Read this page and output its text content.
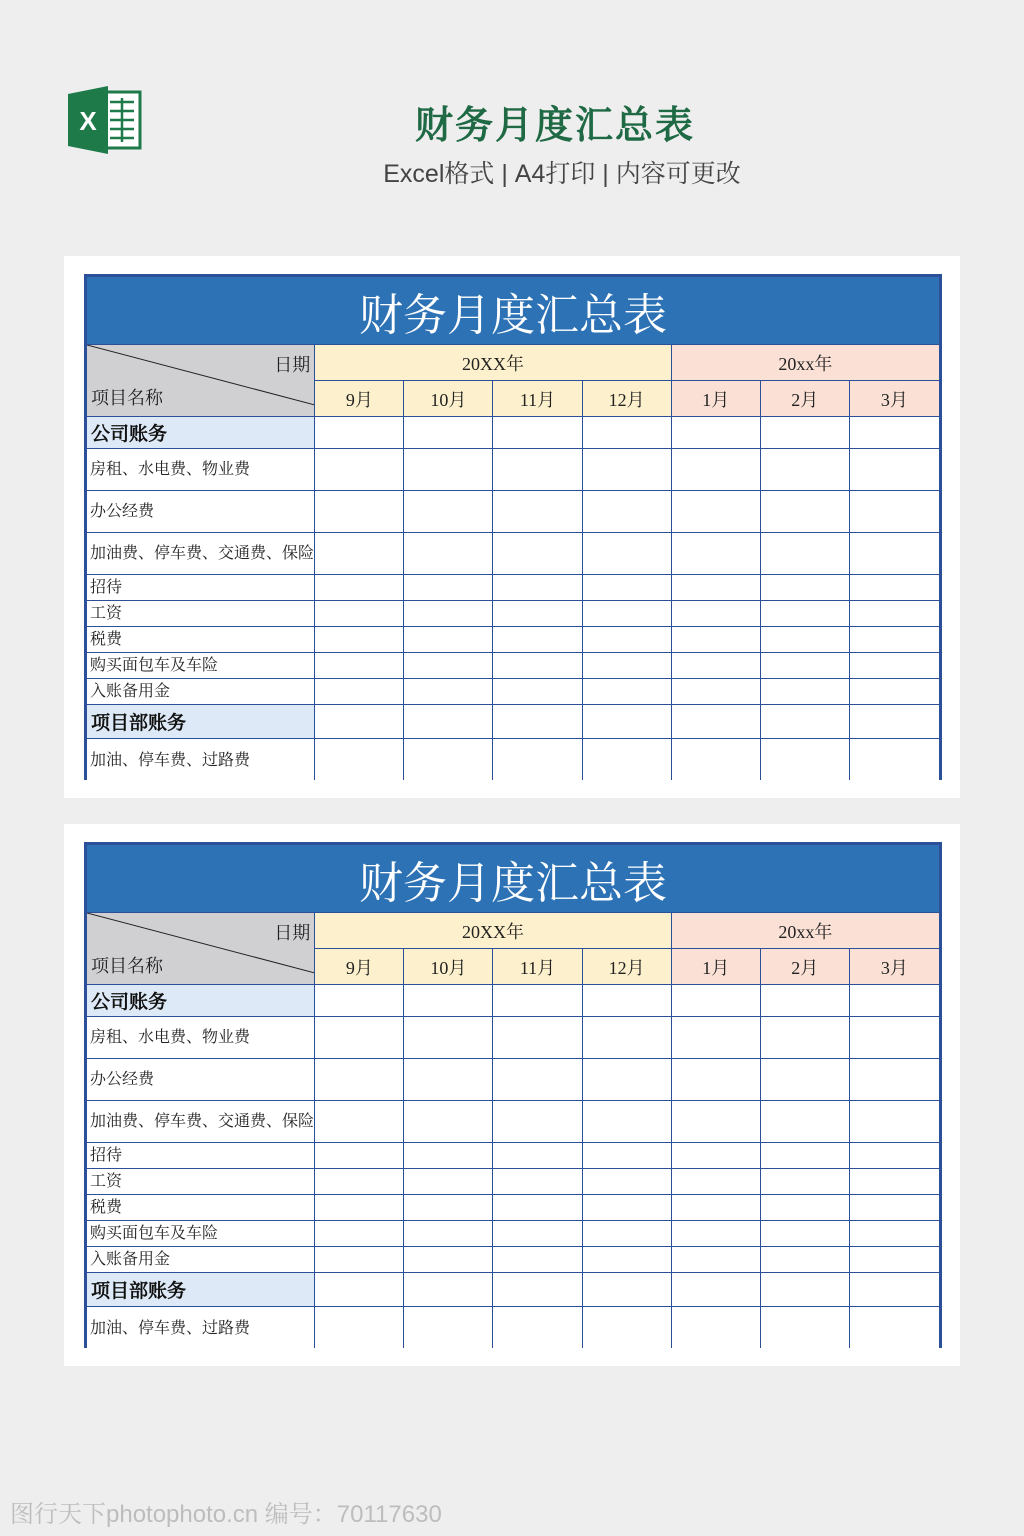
X	财务月度汇总表
Excel格式 | A4打印 | 内容可更改
财务月度汇总表							

日期
项目名称	20XX年				20xx年		
	9月	10月	11月	12月	1月	2月	3月
公司账务							
房租、水电费、物业费							
办公经费							
加油费、停车费、交通费、保险							
招待							
工资							
税费							
购买面包车及车险							
入账备用金							
项目部账务							
加油、停车费、过路费							
财务月度汇总表							

日期
项目名称	20XX年				20xx年		
	9月	10月	11月	12月	1月	2月	3月
公司账务							
房租、水电费、物业费							
办公经费							
加油费、停车费、交通费、保险							
招待							
工资							
税费							
购买面包车及车险							
入账备用金							
项目部账务							
加油、停车费、过路费							
图行天下photophoto.cn 编号：70117630
